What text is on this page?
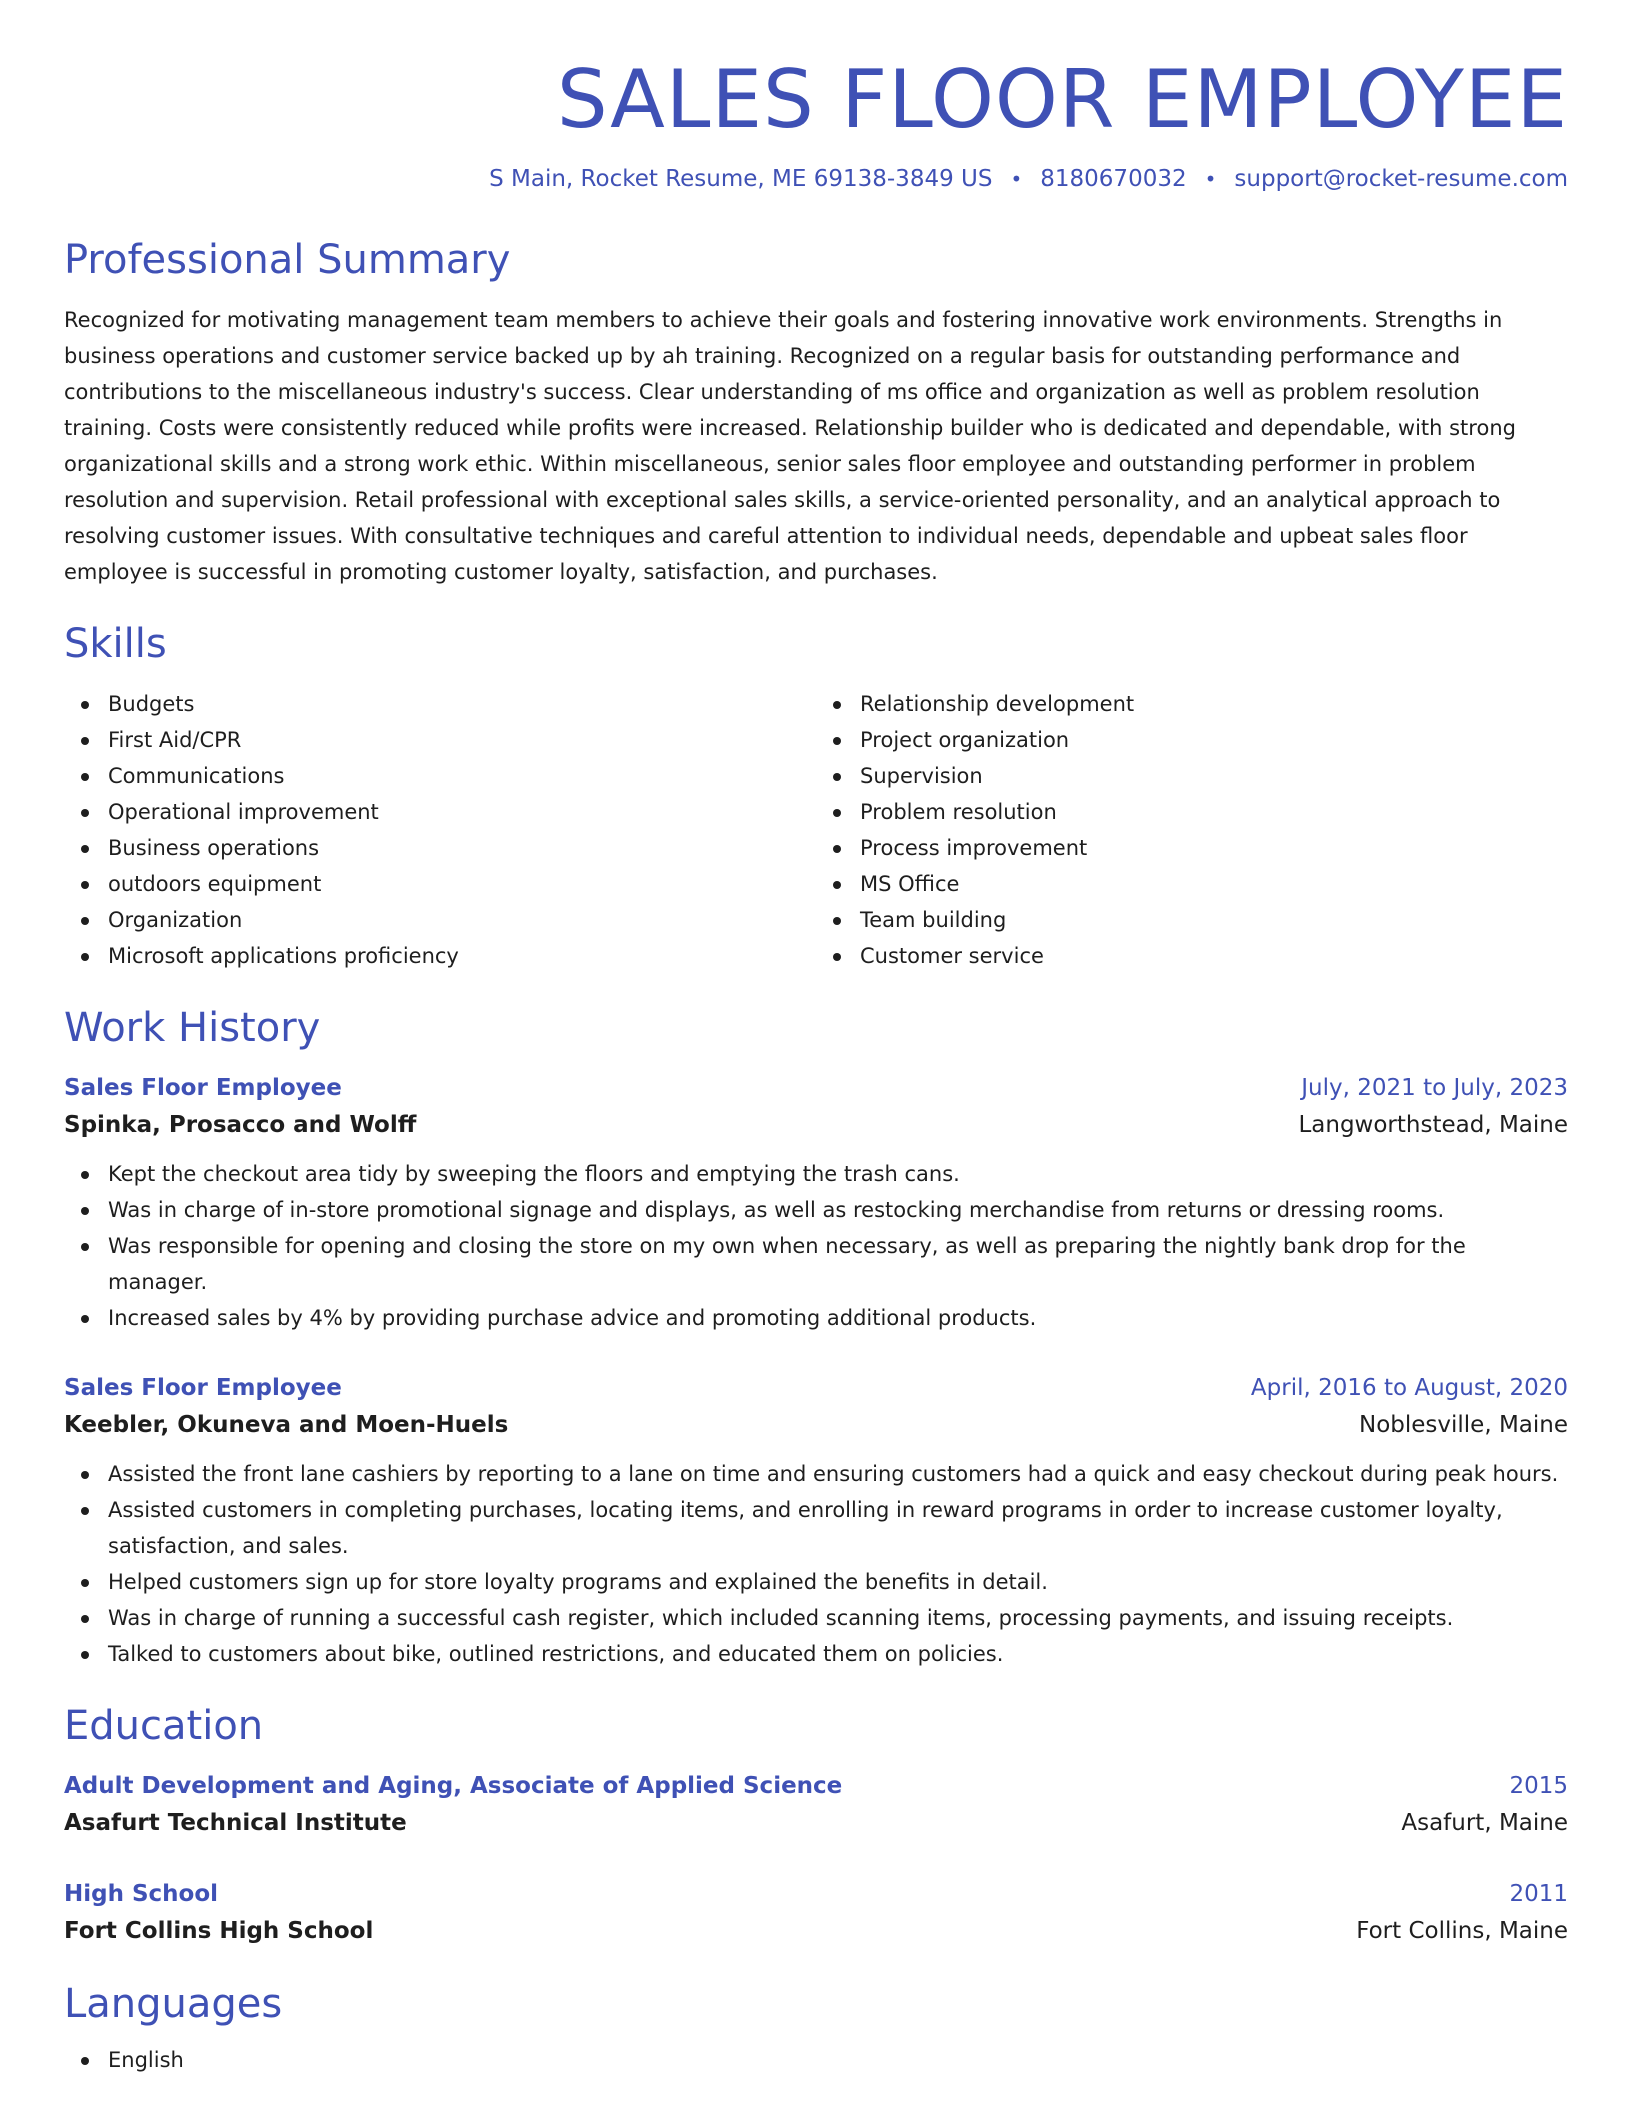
SALES FLOOR EMPLOYEE
S Main, Rocket Resume, ME 69138-3849 US • 8180670032 • support@rocket-resume.com
Professional Summary

Recognized for motivating management team members to achieve their goals and fostering innovative work environments. Strengths in business operations and customer service backed up by ah training. Recognized on a regular basis for outstanding performance and contributions to the miscellaneous industry's success. Clear understanding of ms office and organization as well as problem resolution training. Costs were consistently reduced while profits were increased. Relationship builder who is dedicated and dependable, with strong organizational skills and a strong work ethic. Within miscellaneous, senior sales floor employee and outstanding performer in problem resolution and supervision. Retail professional with exceptional sales skills, a service-oriented personality, and an analytical approach to resolving customer issues. With consultative techniques and careful attention to individual needs, dependable and upbeat sales floor employee is successful in promoting customer loyalty, satisfaction, and purchases.

Skills
Budgets
First Aid/CPR
Communications
Operational improvement
Business operations
outdoors equipment
Organization
Microsoft applications proficiency
Relationship development
Project organization
Supervision
Problem resolution
Process improvement
MS Office
Team building
Customer service
Work History
Sales Floor Employee	July, 2021 to July, 2023
Spinka, Prosacco and Wolff	Langworthstead, Maine
Kept the checkout area tidy by sweeping the floors and emptying the trash cans.
Was in charge of in-store promotional signage and displays, as well as restocking merchandise from returns or dressing rooms.
Was responsible for opening and closing the store on my own when necessary, as well as preparing the nightly bank drop for the manager.
Increased sales by 4% by providing purchase advice and promoting additional products.
Sales Floor Employee	April, 2016 to August, 2020
Keebler, Okuneva and Moen-Huels	Noblesville, Maine
Assisted the front lane cashiers by reporting to a lane on time and ensuring customers had a quick and easy checkout during peak hours.
Assisted customers in completing purchases, locating items, and enrolling in reward programs in order to increase customer loyalty, satisfaction, and sales.
Helped customers sign up for store loyalty programs and explained the benefits in detail.
Was in charge of running a successful cash register, which included scanning items, processing payments, and issuing receipts.
Talked to customers about bike, outlined restrictions, and educated them on policies.
Education
Adult Development and Aging, Associate of Applied Science	2015
Asafurt Technical Institute	Asafurt, Maine
High School	2011
Fort Collins High School	Fort Collins, Maine
Languages
English
